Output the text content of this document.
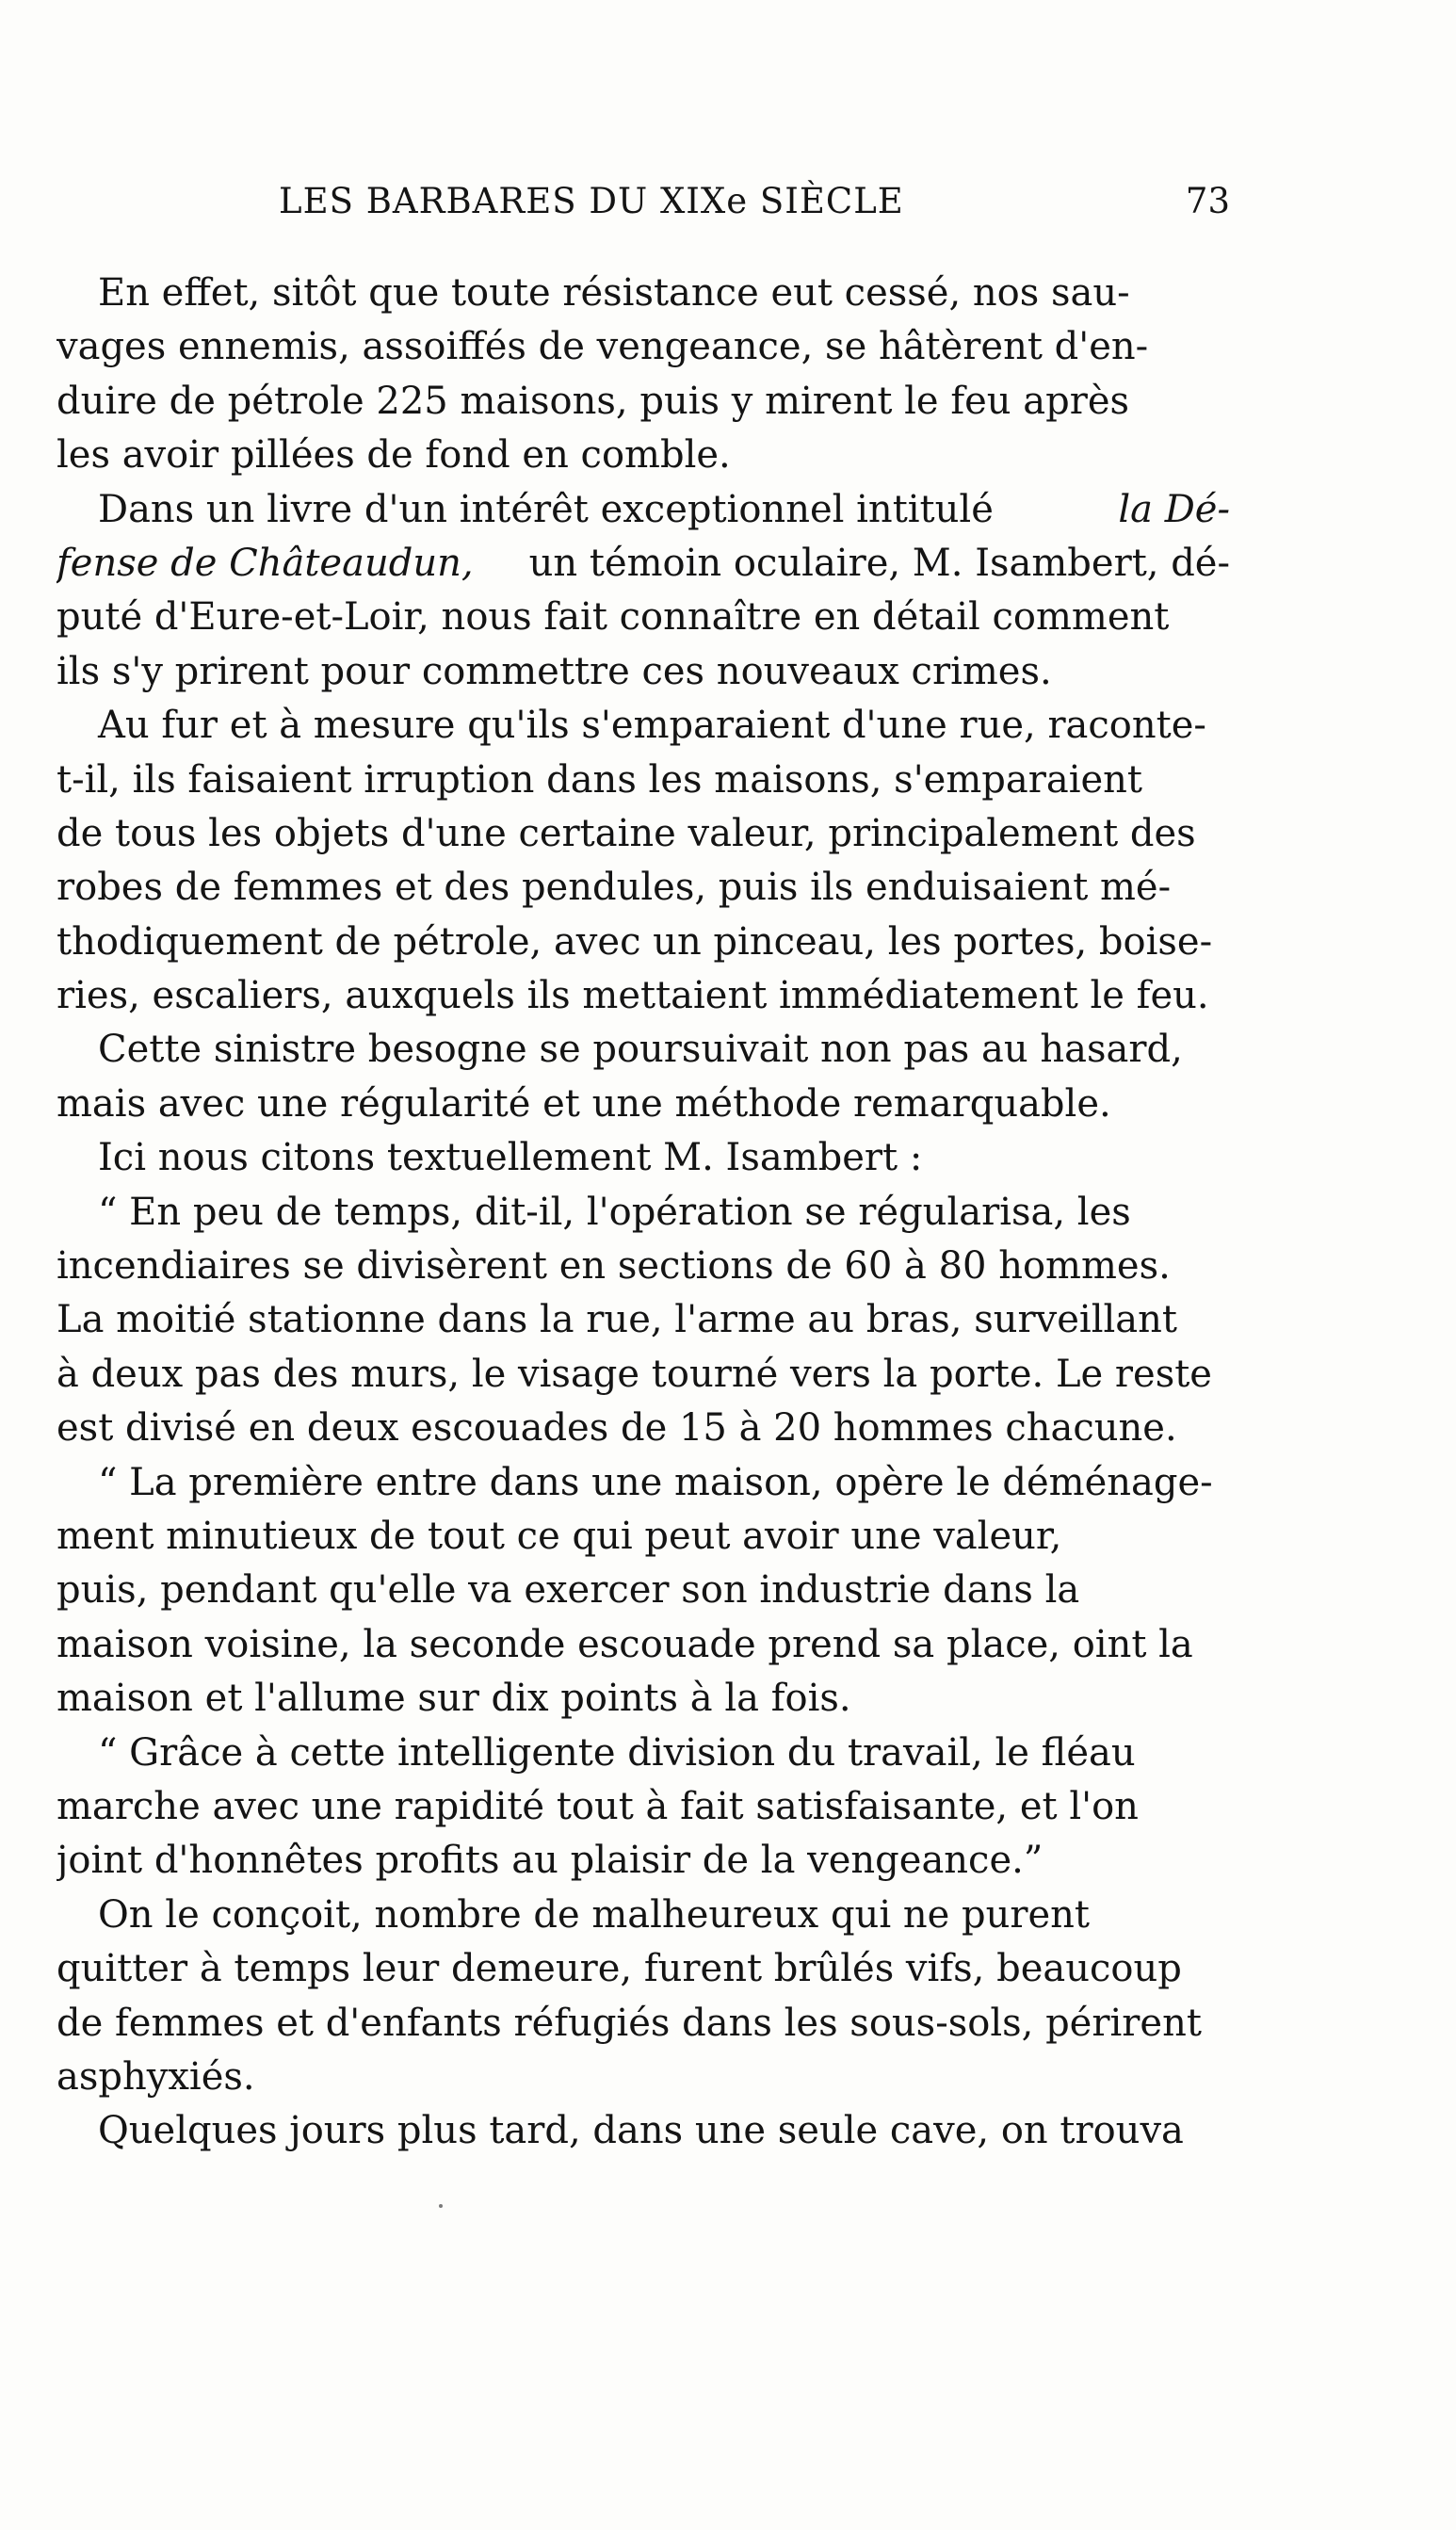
LES BARBARES DU XIXe SIÈCLE	73
En effet, sitôt que toute résistance eut cessé, nos sau-
vages ennemis, assoiffés de vengeance, se hâtèrent d'en-
duire de pétrole 225 maisons, puis y mirent le feu après
les avoir pillées de fond en comble.
Dans un livre d'un intérêt exceptionnel intitulé	la Dé-
fense de Châteaudun, un témoin oculaire, M. Isambert, dé-
puté d'Eure-et-Loir, nous fait connaître en détail comment
ils s'y prirent pour commettre ces nouveaux crimes.
Au fur et à mesure qu'ils s'emparaient d'une rue, raconte-
t-il, ils faisaient irruption dans les maisons, s'emparaient
de tous les objets d'une certaine valeur, principalement des
robes de femmes et des pendules, puis ils enduisaient mé-
thodiquement de pétrole, avec un pinceau, les portes, boise-
ries, escaliers, auxquels ils mettaient immédiatement le feu.
Cette sinistre besogne se poursuivait non pas au hasard,
mais avec une régularité et une méthode remarquable.
Ici nous citons textuellement M. Isambert :
“ En peu de temps, dit-il, l'opération se régularisa, les
incendiaires se divisèrent en sections de 60 à 80 hommes.
La moitié stationne dans la rue, l'arme au bras, surveillant
à deux pas des murs, le visage tourné vers la porte. Le reste
est divisé en deux escouades de 15 à 20 hommes chacune.
“ La première entre dans une maison, opère le déménage-
ment minutieux de tout ce qui peut avoir une valeur,
puis, pendant qu'elle va exercer son industrie dans la
maison voisine, la seconde escouade prend sa place, oint la
maison et l'allume sur dix points à la fois.
“ Grâce à cette intelligente division du travail, le fléau
marche avec une rapidité tout à fait satisfaisante, et l'on
joint d'honnêtes profits au plaisir de la vengeance.”
On le conçoit, nombre de malheureux qui ne purent
quitter à temps leur demeure, furent brûlés vifs, beaucoup
de femmes et d'enfants réfugiés dans les sous-sols, périrent
asphyxiés.
Quelques jours plus tard, dans une seule cave, on trouva
